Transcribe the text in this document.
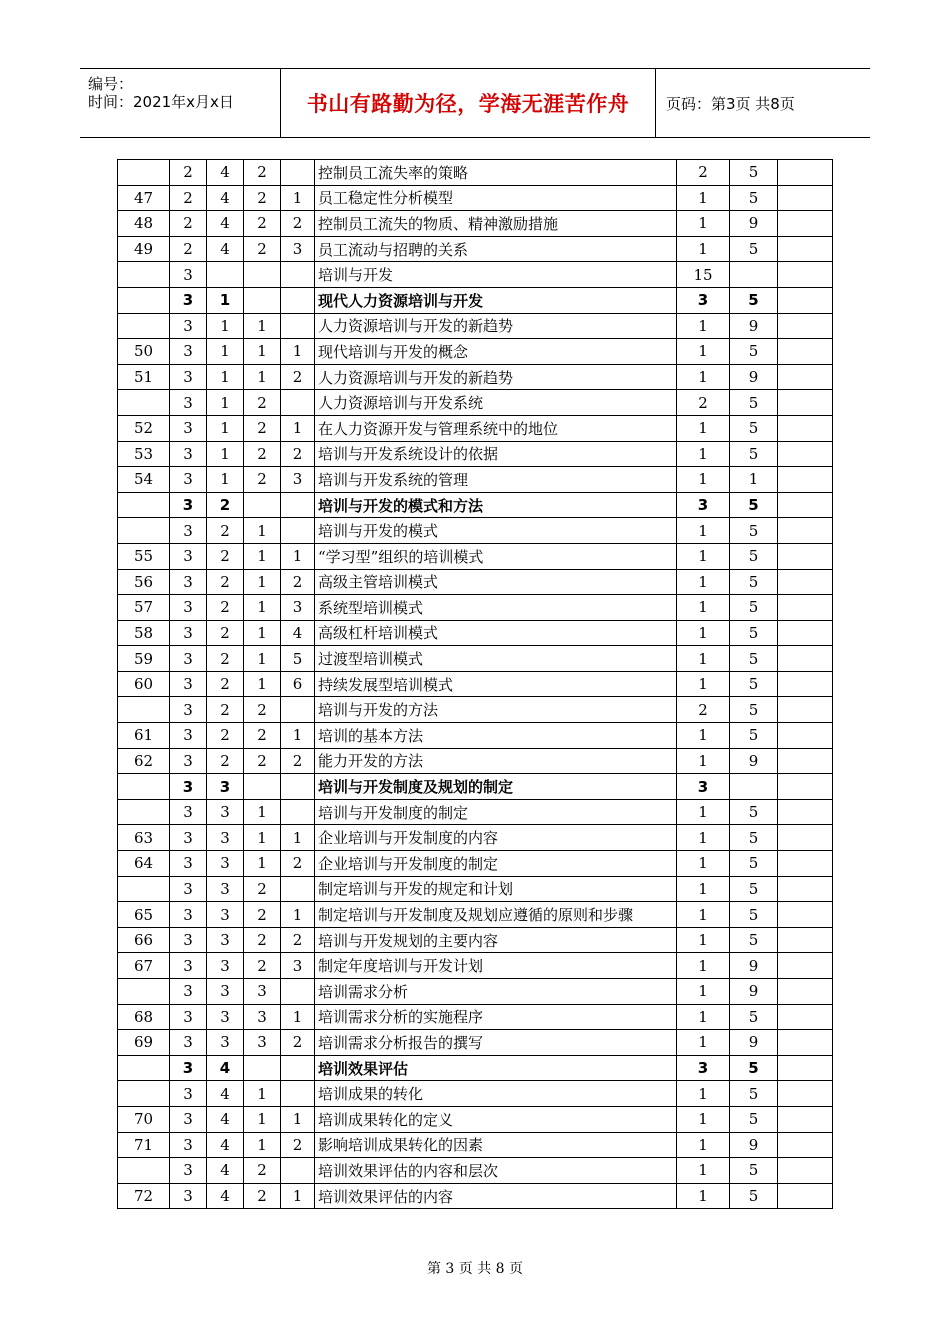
编号：
时间：2021年x月x日	书山有路勤为径，学海无涯苦作舟	页码：第3页 共8页
	2	4	2		控制员工流失率的策略	2	5	
47	2	4	2	1	员工稳定性分析模型	1	5	
48	2	4	2	2	控制员工流失的物质、精神激励措施	1	9	
49	2	4	2	3	员工流动与招聘的关系	1	5	
	3				培训与开发	15		
	3	1			现代人力资源培训与开发	3	5	
	3	1	1		人力资源培训与开发的新趋势	1	9	
50	3	1	1	1	现代培训与开发的概念	1	5	
51	3	1	1	2	人力资源培训与开发的新趋势	1	9	
	3	1	2		人力资源培训与开发系统	2	5	
52	3	1	2	1	在人力资源开发与管理系统中的地位	1	5	
53	3	1	2	2	培训与开发系统设计的依据	1	5	
54	3	1	2	3	培训与开发系统的管理	1	1	
	3	2			培训与开发的模式和方法	3	5	
	3	2	1		培训与开发的模式	1	5	
55	3	2	1	1	“学习型”组织的培训模式	1	5	
56	3	2	1	2	高级主管培训模式	1	5	
57	3	2	1	3	系统型培训模式	1	5	
58	3	2	1	4	高级杠杆培训模式	1	5	
59	3	2	1	5	过渡型培训模式	1	5	
60	3	2	1	6	持续发展型培训模式	1	5	
	3	2	2		培训与开发的方法	2	5	
61	3	2	2	1	培训的基本方法	1	5	
62	3	2	2	2	能力开发的方法	1	9	
	3	3			培训与开发制度及规划的制定	3		
	3	3	1		培训与开发制度的制定	1	5	
63	3	3	1	1	企业培训与开发制度的内容	1	5	
64	3	3	1	2	企业培训与开发制度的制定	1	5	
	3	3	2		制定培训与开发的规定和计划	1	5	
65	3	3	2	1	制定培训与开发制度及规划应遵循的原则和步骤	1	5	
66	3	3	2	2	培训与开发规划的主要内容	1	5	
67	3	3	2	3	制定年度培训与开发计划	1	9	
	3	3	3		培训需求分析	1	9	
68	3	3	3	1	培训需求分析的实施程序	1	5	
69	3	3	3	2	培训需求分析报告的撰写	1	9	
	3	4			培训效果评估	3	5	
	3	4	1		培训成果的转化	1	5	
70	3	4	1	1	培训成果转化的定义	1	5	
71	3	4	1	2	影响培训成果转化的因素	1	9	
	3	4	2		培训效果评估的内容和层次	1	5	
72	3	4	2	1	培训效果评估的内容	1	5	
第 3 页 共 8 页
